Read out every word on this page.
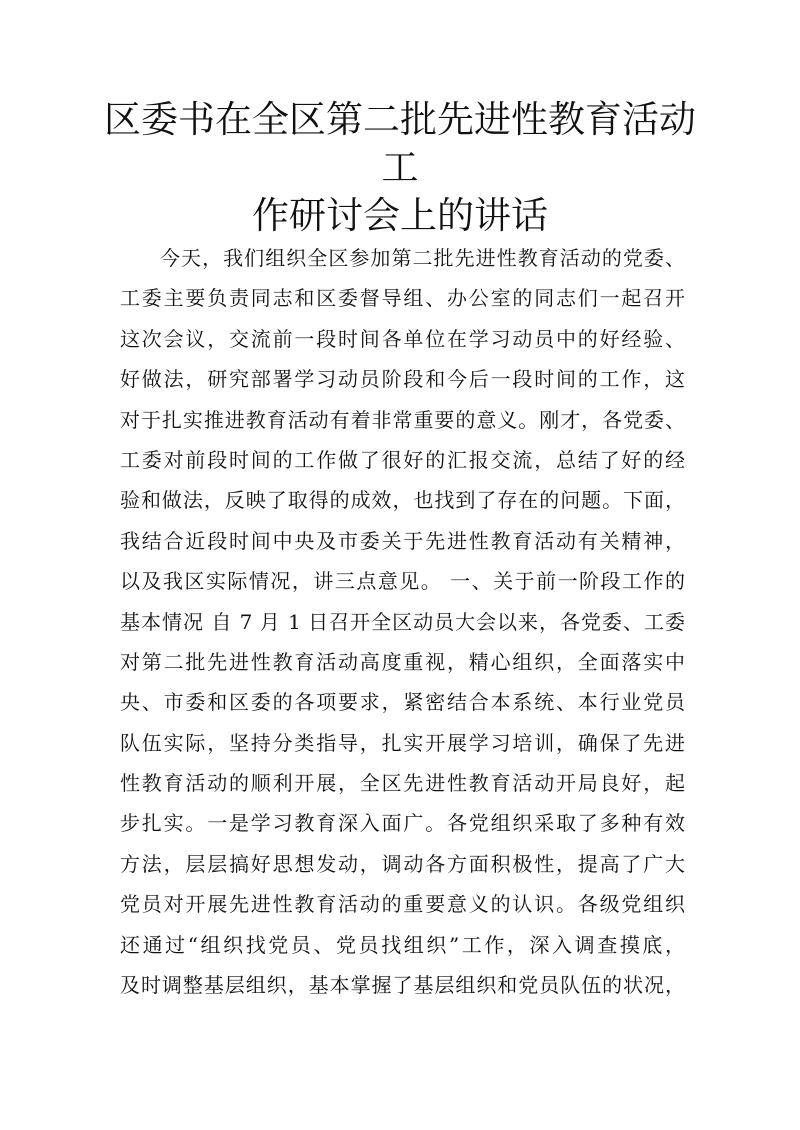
区委书在全区第二批先进性教育活动工
作研讨会上的讲话
今天，我们组织全区参加第二批先进性教育活动的党委、
工委主要负责同志和区委督导组、办公室的同志们一起召开
这次会议，交流前一段时间各单位在学习动员中的好经验、
好做法，研究部署学习动员阶段和今后一段时间的工作，这
对于扎实推进教育活动有着非常重要的意义。刚才，各党委、
工委对前段时间的工作做了很好的汇报交流，总结了好的经
验和做法，反映了取得的成效，也找到了存在的问题。下面，
我结合近段时间中央及市委关于先进性教育活动有关精神，
以及我区实际情况，讲三点意见。 一、关于前一阶段工作的
基本情况 自 7 月 1 日召开全区动员大会以来，各党委、工委
对第二批先进性教育活动高度重视，精心组织，全面落实中
央、市委和区委的各项要求，紧密结合本系统、本行业党员
队伍实际，坚持分类指导，扎实开展学习培训，确保了先进
性教育活动的顺利开展，全区先进性教育活动开局良好，起
步扎实。一是学习教育深入面广。各党组织采取了多种有效
方法，层层搞好思想发动，调动各方面积极性，提高了广大
党员对开展先进性教育活动的重要意义的认识。各级党组织
还通过“组织找党员、党员找组织”工作，深入调查摸底，
及时调整基层组织，基本掌握了基层组织和党员队伍的状况，
